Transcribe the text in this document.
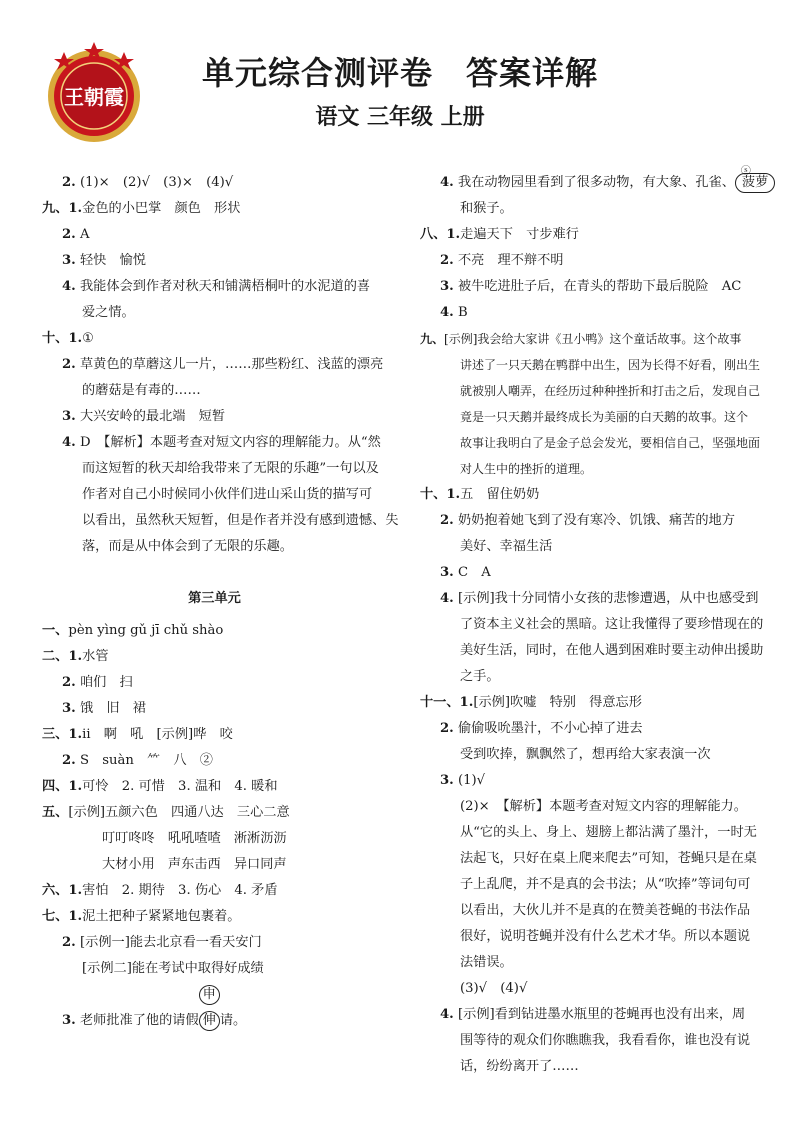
王朝霞
单元综合测评卷　答案详解
语文 三年级 上册
2. (1)×　(2)√　(3)×　(4)√
九、1.金色的小巴掌　颜色　形状
2. A
3. 轻快　愉悦
4. 我能体会到作者对秋天和铺满梧桐叶的水泥道的喜
爱之情。
十、1.①
2. 草黄色的草蘑这儿一片，……那些粉红、浅蓝的漂亮
的蘑菇是有毒的……
3. 大兴安岭的最北端　短暂
4. D　【解析】本题考查对短文内容的理解能力。从“然
而这短暂的秋天却给我带来了无限的乐趣”一句以及
作者对自己小时候同小伙伴们进山采山货的描写可
以看出，虽然秋天短暂，但是作者并没有感到遗憾、失
落，而是从中体会到了无限的乐趣。
第三单元
一、pèn yìng gǔ jī chǔ shào
二、1.水管
2. 咱们　扫
3. 饿　旧　裙
三、1.ⅱ　啊　吼　[示例]哗　咬
2. S　suàn　⺮　八　②
四、1.可怜　2. 可惜　3. 温和　4. 暖和
五、[示例]五颜六色　四通八达　三心二意
叮叮咚咚　吼吼喳喳　淅淅沥沥
大材小用　声东击西　异口同声
六、1.害怕　2. 期待　3. 伤心　4. 矛盾
七、1.泥土把种子紧紧地包裹着。
2. [示例一]能去北京看一看天安门
[示例二]能在考试中取得好成绩
3. 老师批准了他的请假 伸
申
请。
4. 我在动物园里看到了很多动物，有大象、孔雀、 菠萝
ⓢ
和猴子。
八、1.走遍天下　寸步难行
2. 不亮　理不辩不明
3. 被牛吃进肚子后，在青头的帮助下最后脱险　AC
4. B
九、[示例]我会给大家讲《丑小鸭》这个童话故事。这个故事
讲述了一只天鹅在鸭群中出生，因为长得不好看，刚出生
就被别人嘲弄，在经历过种种挫折和打击之后，发现自己
竟是一只天鹅并最终成长为美丽的白天鹅的故事。这个
故事让我明白了是金子总会发光，要相信自己，坚强地面
对人生中的挫折的道理。
十、1.五　留住奶奶
2. 奶奶抱着她飞到了没有寒冷、饥饿、痛苦的地方
美好、幸福生活
3. C　A
4. [示例]我十分同情小女孩的悲惨遭遇，从中也感受到
了资本主义社会的黑暗。这让我懂得了要珍惜现在的
美好生活，同时，在他人遇到困难时要主动伸出援助
之手。
十一、1.[示例]吹嘘　特别　得意忘形
2. 偷偷吸吮墨汁，不小心掉了进去
受到吹捧，飘飘然了，想再给大家表演一次
3. (1)√
(2)×　【解析】本题考查对短文内容的理解能力。
从“它的头上、身上、翅膀上都沾满了墨汁，一时无
法起飞，只好在桌上爬来爬去”可知，苍蝇只是在桌
子上乱爬，并不是真的会书法；从“吹捧”等词句可
以看出，大伙儿并不是真的在赞美苍蝇的书法作品
很好，说明苍蝇并没有什么艺术才华。所以本题说
法错误。
(3)√　(4)√
4. [示例]看到钻进墨水瓶里的苍蝇再也没有出来，周
围等待的观众们你瞧瞧我，我看看你，谁也没有说
话，纷纷离开了……
